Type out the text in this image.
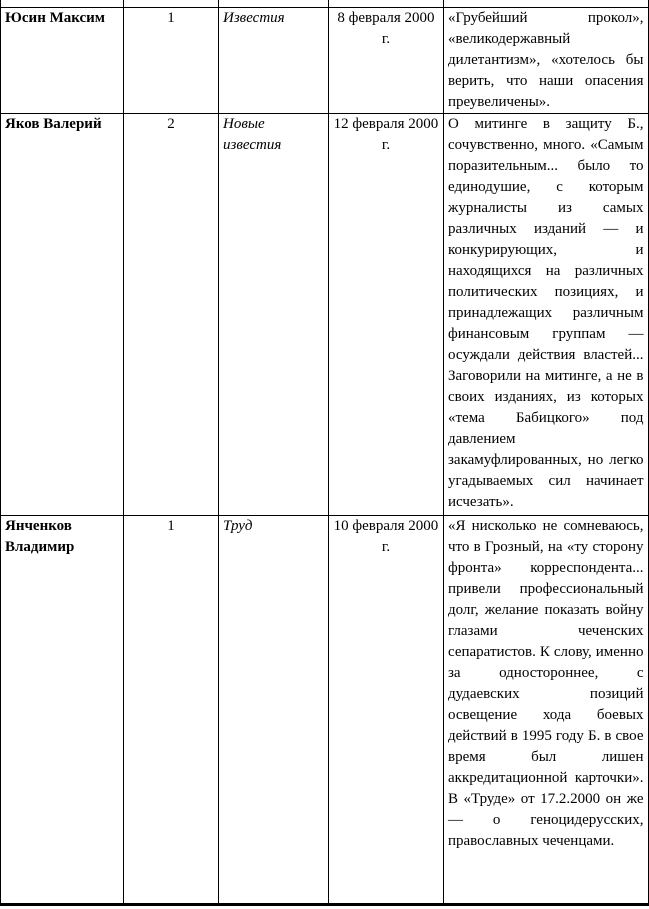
Юсин Максим	1	Известия	8 февраля 2000 г.	«Грубейший прокол», «великодержавный дилетантизм», «хотелось бы верить, что наши опасения преувеличены».
Яков Валерий	2	Новые известия	12 февраля 2000 г.	О митинге в защиту Б., сочувственно, много. «Самым поразительным... было то единодушие, с которым журналисты из самых различных изданий — и конкурирующих, и находящихся на различных политических позициях, и принадлежащих различным финансовым группам — осуждали действия властей... Заговорили на митинге, а не в своих изданиях, из которых «тема Бабицкого» под давлением закамуфлированных, но легко угадываемых сил начинает исчезать».
Янченков Владимир	1	Труд	10 февраля 2000 г.	«Я нисколько не сомневаюсь, что в Грозный, на «ту сторону фронта» корреспондента... привели профессиональный долг, желание показать войну глазами чеченских сепаратистов. К слову, именно за одностороннее, с дудаевских позиций освещение хода боевых действий в 1995 году Б. в свое время был лишен аккредитационной карточки». В «Труде» от 17.2.2000 он же — о геноцидерусских, православных чеченцами.
